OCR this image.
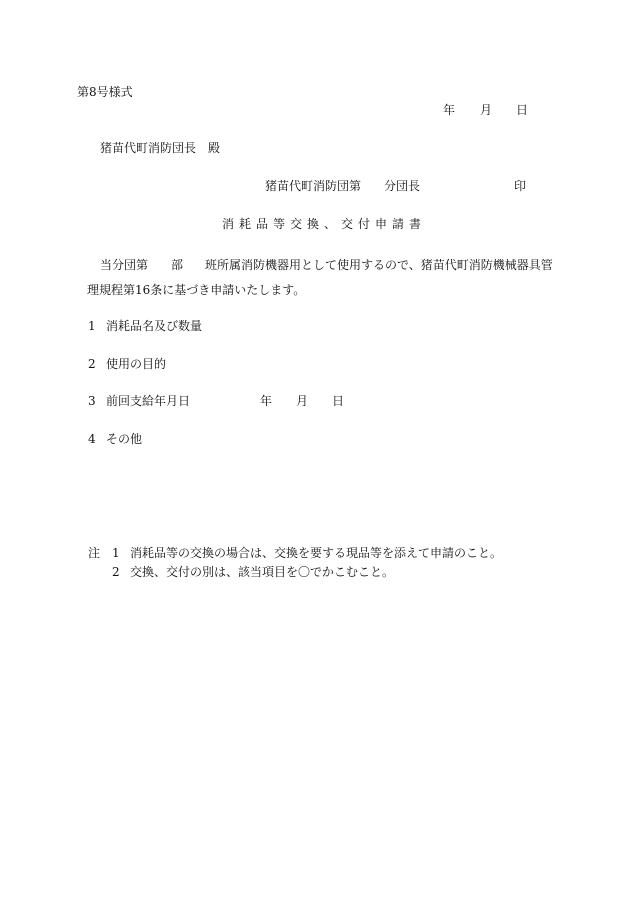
第8号様式
年 月 日
猪苗代町消防団長　殿
猪苗代町消防団第 分団長	印
消耗品等交換、交付申請書
当分団第 部 班所属消防機器用として使用するので、猪苗代町消防機械器具管
理規程第16条に基づき申請いたします。
1 消耗品名及び数量
2 使用の目的
3 前回支給年月日	年 月 日
4 その他
注 1 消耗品等の交換の場合は、交換を要する現品等を添えて申請のこと。
2 交換、交付の別は、該当項目を〇でかこむこと。
